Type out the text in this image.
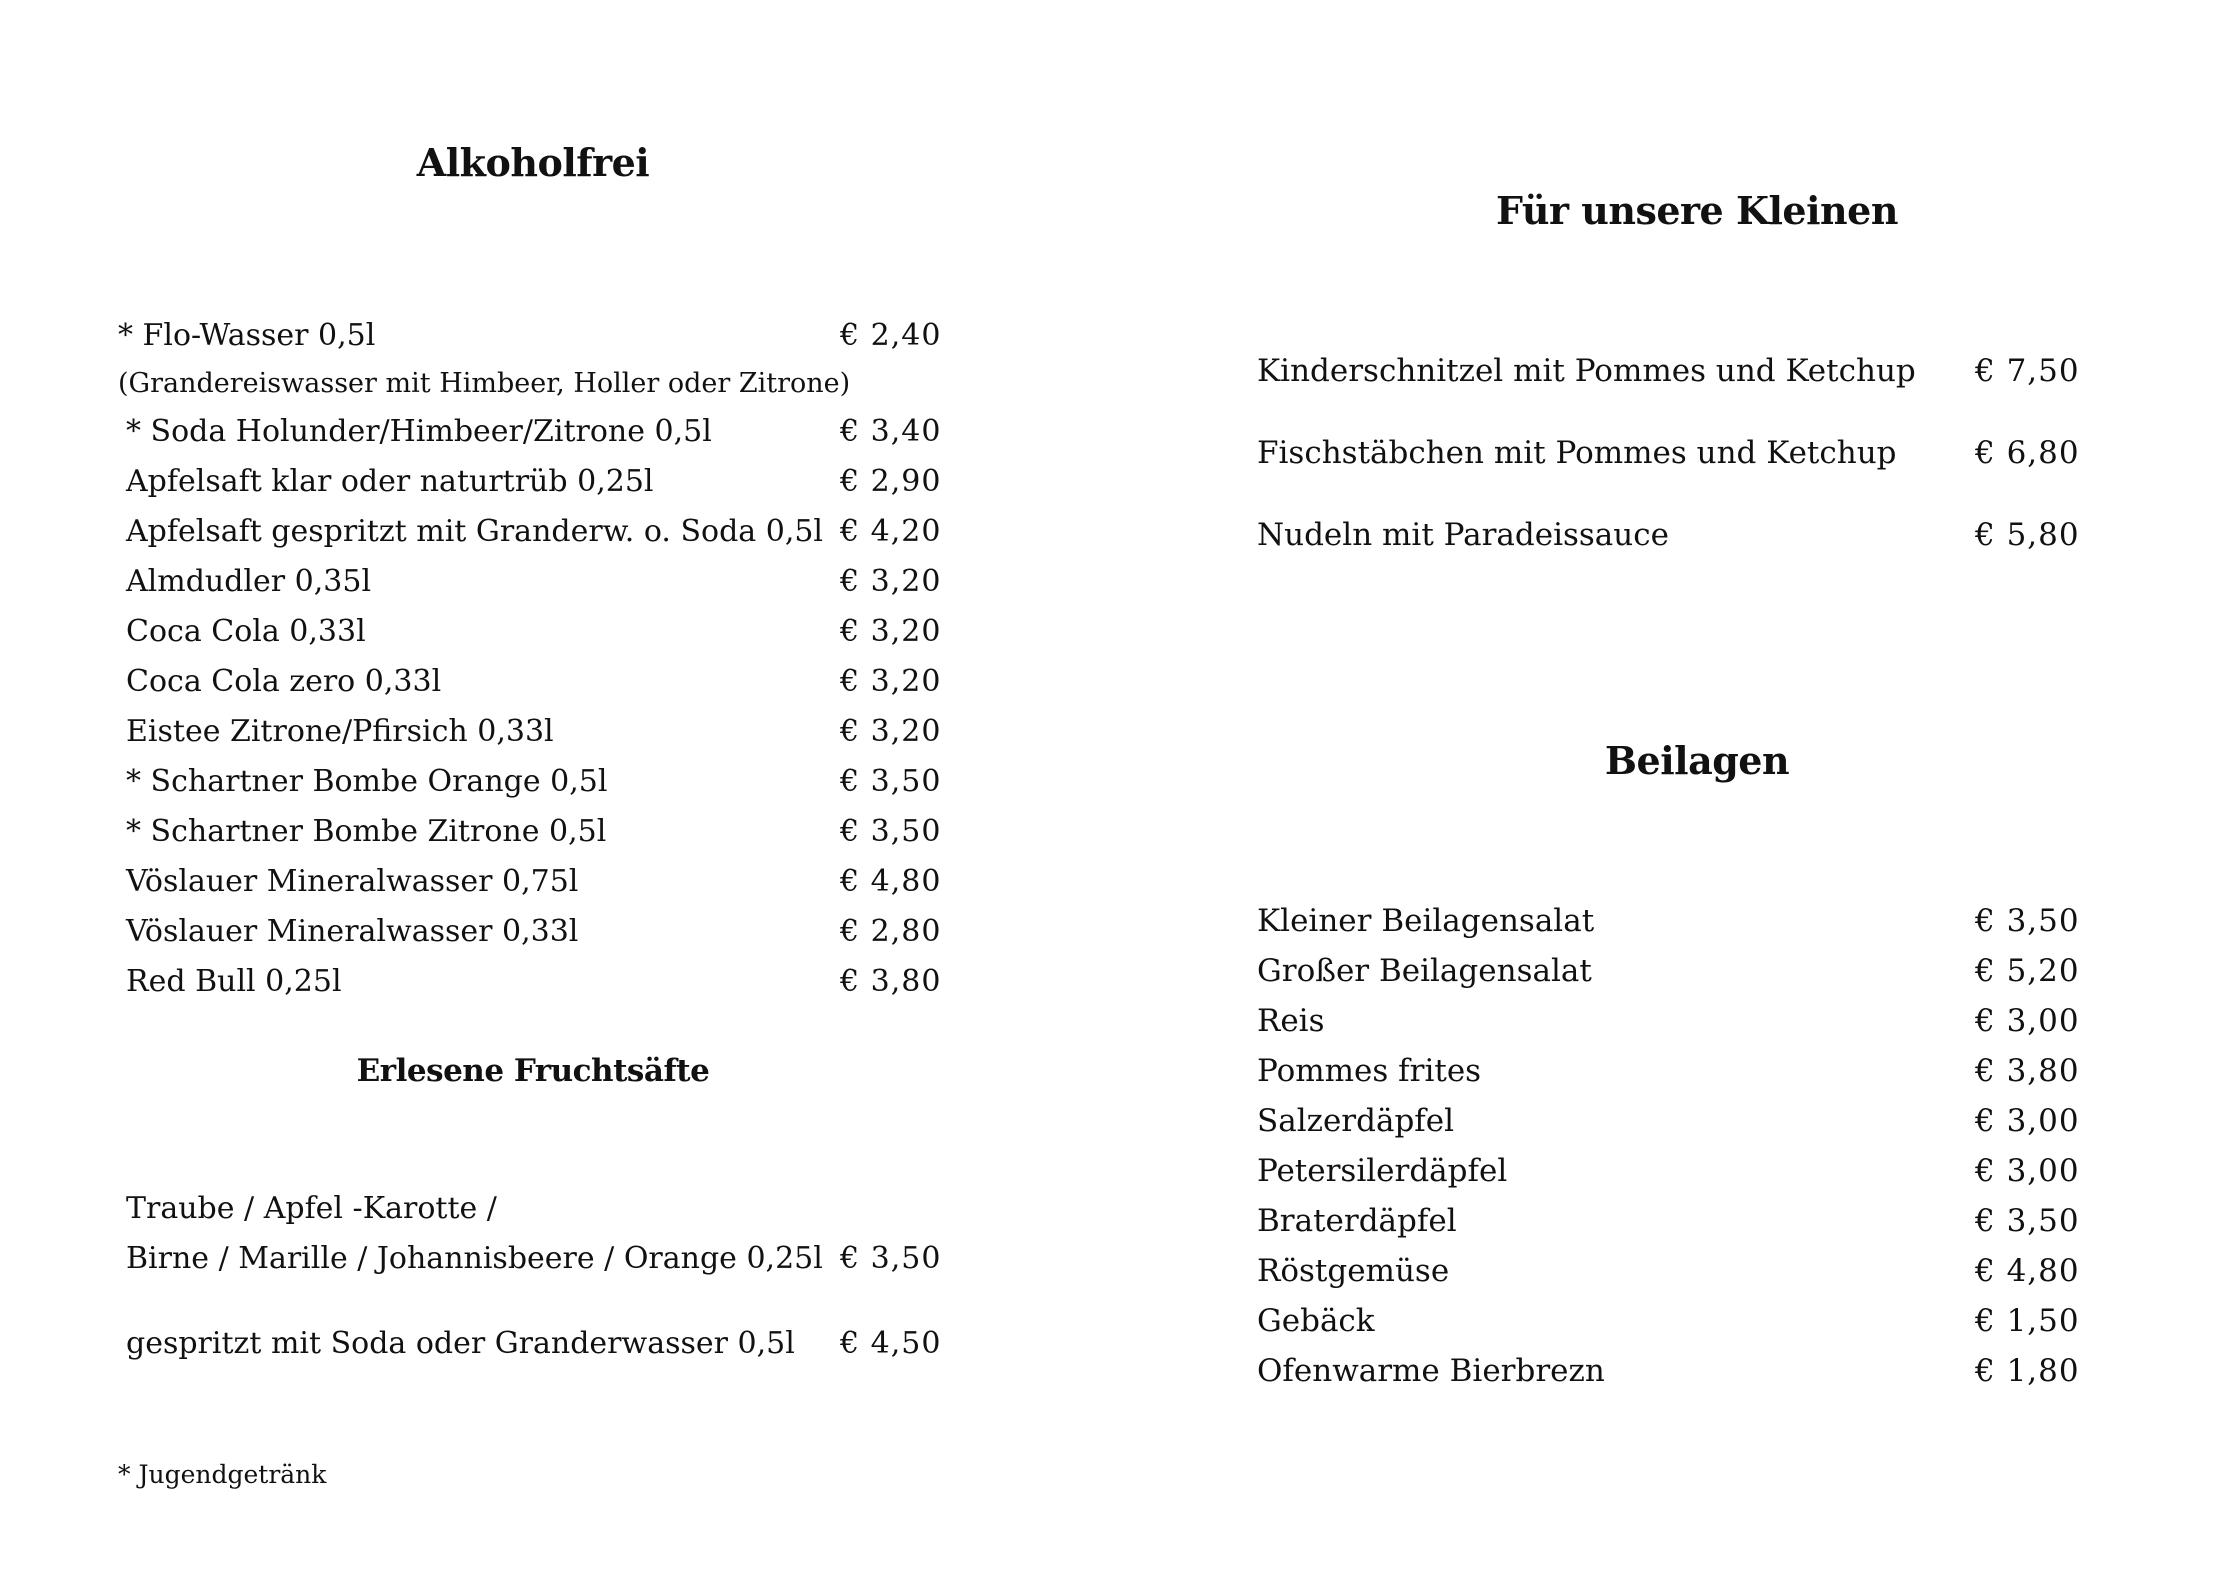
Alkoholfrei
* Flo-Wasser 0,5l	€ 2,40
(Grandereiswasser mit Himbeer, Holler oder Zitrone)
* Soda Holunder/Himbeer/Zitrone 0,5l	€ 3,40
Apfelsaft klar oder naturtrüb 0,25l	€ 2,90
Apfelsaft gespritzt mit Granderw. o. Soda 0,5l € 4,20
Almdudler 0,35l	€ 3,20
Coca Cola 0,33l	€ 3,20
Coca Cola zero 0,33l	€ 3,20
Eistee Zitrone/Pfirsich 0,33l	€ 3,20
* Schartner Bombe Orange 0,5l	€ 3,50
* Schartner Bombe Zitrone 0,5l	€ 3,50
Vöslauer Mineralwasser 0,75l	€ 4,80
Vöslauer Mineralwasser 0,33l	€ 2,80
Red Bull 0,25l	€ 3,80
Erlesene Fruchtsäfte
Traube / Apfel -Karotte /
Birne / Marille / Johannisbeere / Orange 0,25l € 3,50
gespritzt mit Soda oder Granderwasser 0,5l € 4,50
* Jugendgetränk
Für unsere Kleinen
Kinderschnitzel mit Pommes und Ketchup € 7,50
Fischstäbchen mit Pommes und Ketchup	€ 6,80
Nudeln mit Paradeissauce	€ 5,80
Beilagen
Kleiner Beilagensalat	€ 3,50
Großer Beilagensalat	€ 5,20
Reis	€ 3,00
Pommes frites	€ 3,80
Salzerdäpfel	€ 3,00
Petersilerdäpfel	€ 3,00
Braterdäpfel	€ 3,50
Röstgemüse	€ 4,80
Gebäck	€ 1,50
Ofenwarme Bierbrezn	€ 1,80
